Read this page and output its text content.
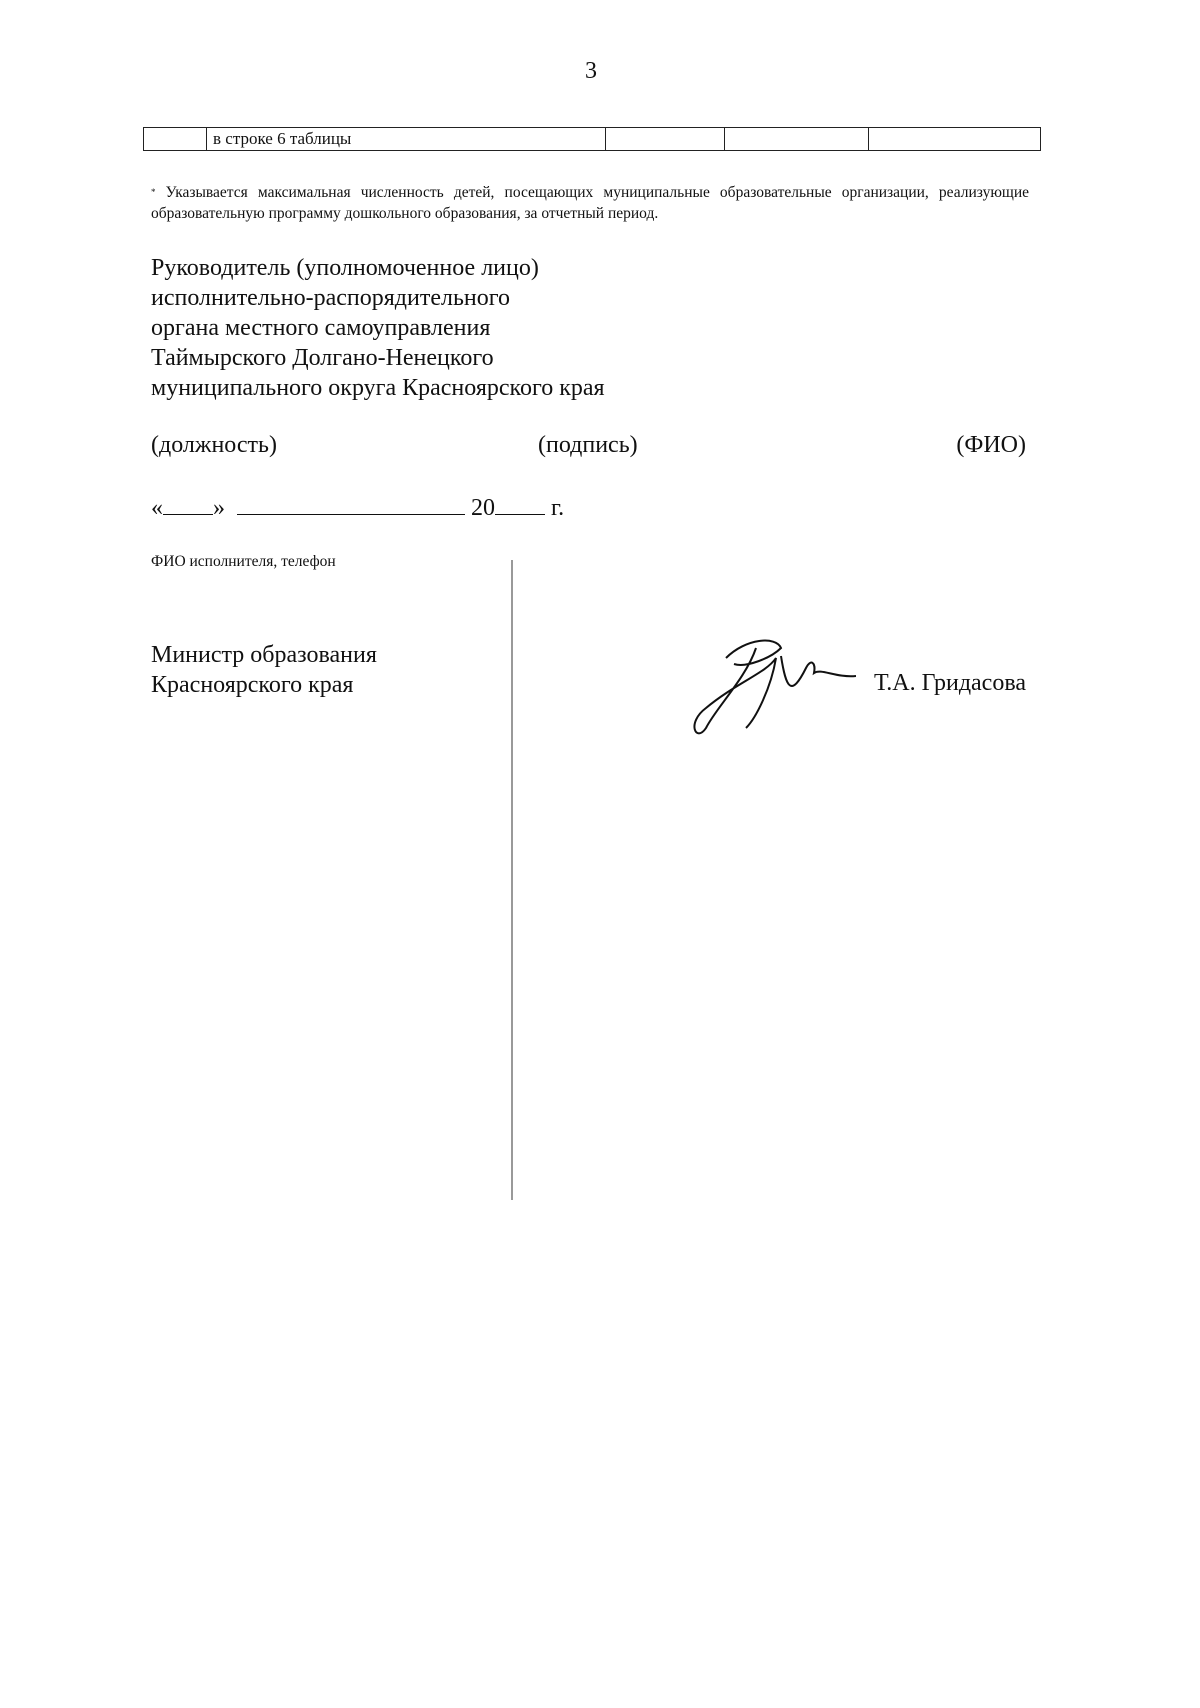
3
	в строке 6 таблицы			
* Указывается максимальная численность детей, посещающих муниципальные образовательные организации, реализующие образовательную программу дошкольного образования, за отчетный период.
Руководитель (уполномоченное лицо)
исполнительно-распорядительного
органа местного самоуправления
Таймырского Долгано-Ненецкого
муниципального округа Красноярского края
(должность)	(подпись)	(ФИО)
« »	20 г.
ФИО исполнителя, телефон
Министр образования
Красноярского края	Т.А. Гридасова
